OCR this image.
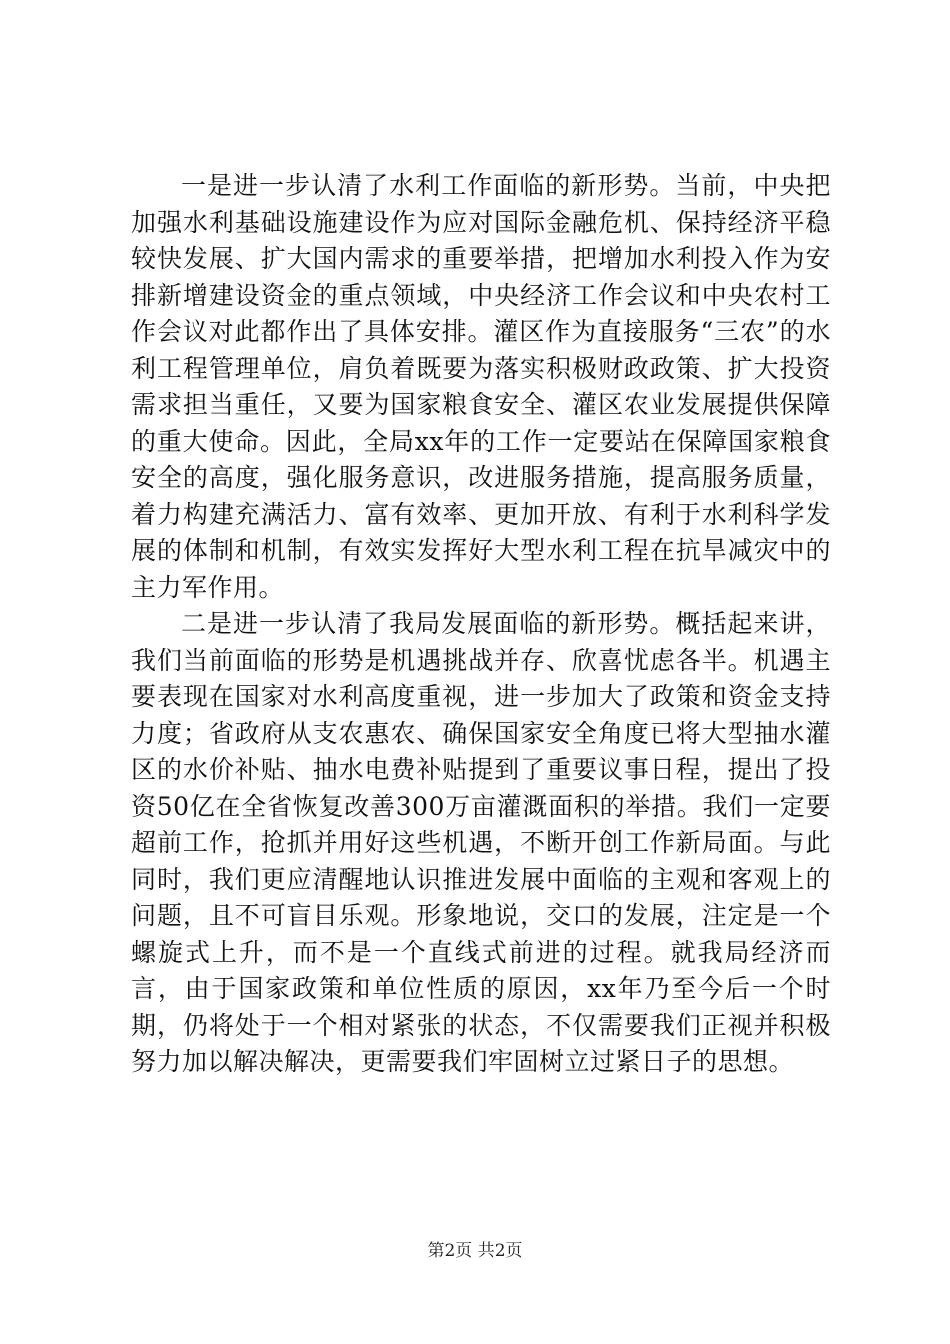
一是进一步认清了水利工作面临的新形势。当前，中央把加强水利基础设施建设作为应对国际金融危机、保持经济平稳较快发展、扩大国内需求的重要举措，把增加水利投入作为安排新增建设资金的重点领域，中央经济工作会议和中央农村工作会议对此都作出了具体安排。灌区作为直接服务“三农”的水利工程管理单位，肩负着既要为落实积极财政政策、扩大投资需求担当重任，又要为国家粮食安全、灌区农业发展提供保障的重大使命。因此，全局xx年的工作一定要站在保障国家粮食安全的高度，强化服务意识，改进服务措施，提高服务质量，着力构建充满活力、富有效率、更加开放、有利于水利科学发展的体制和机制，有效实发挥好大型水利工程在抗旱减灾中的主力军作用。

二是进一步认清了我局发展面临的新形势。概括起来讲，我们当前面临的形势是机遇挑战并存、欣喜忧虑各半。机遇主要表现在国家对水利高度重视，进一步加大了政策和资金支持力度；省政府从支农惠农、确保国家安全角度已将大型抽水灌区的水价补贴、抽水电费补贴提到了重要议事日程，提出了投资50亿在全省恢复改善300万亩灌溉面积的举措。我们一定要超前工作，抢抓并用好这些机遇，不断开创工作新局面。与此同时，我们更应清醒地认识推进发展中面临的主观和客观上的问题，且不可盲目乐观。形象地说，交口的发展，注定是一个螺旋式上升，而不是一个直线式前进的过程。就我局经济而言，由于国家政策和单位性质的原因，xx年乃至今后一个时期，仍将处于一个相对紧张的状态，不仅需要我们正视并积极努力加以解决解决，更需要我们牢固树立过紧日子的思想。

第2页 共2页
